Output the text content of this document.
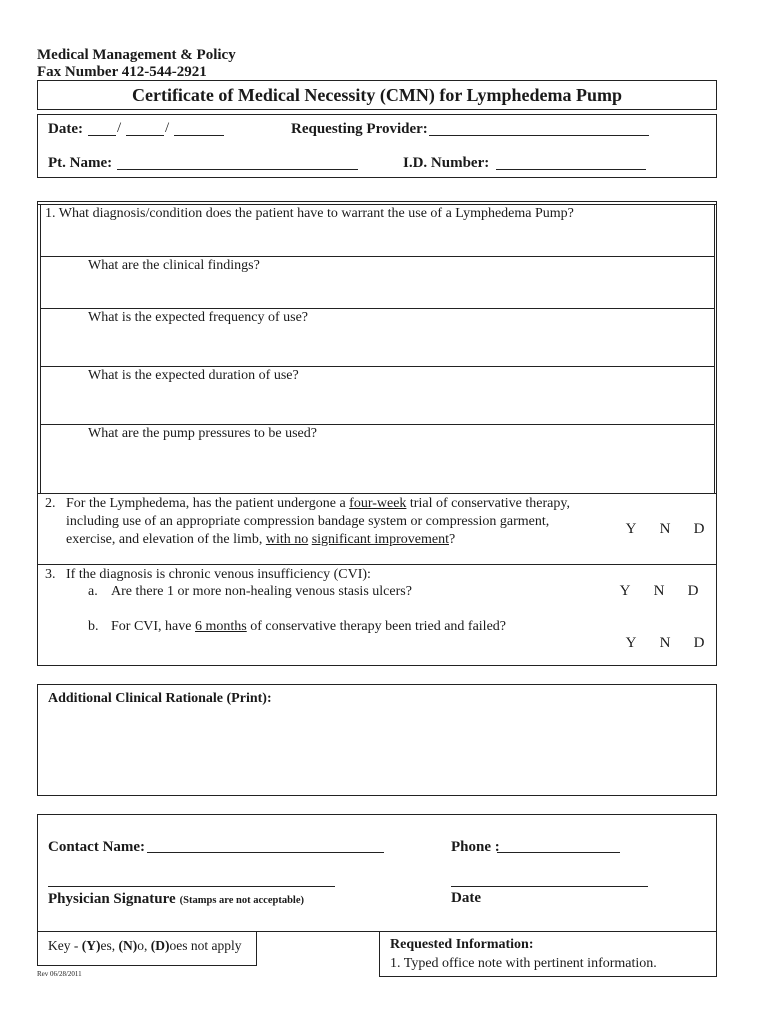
Medical Management & Policy
Fax Number 412-544-2921
Certificate of Medical Necessity (CMN) for Lymphedema Pump
Date: /	/	Requesting Provider:
Pt. Name:	I.D. Number:
1. What diagnosis/condition does the patient have to warrant the use of a Lymphedema Pump?
What are the clinical findings?
What is the expected frequency of use?
What is the expected duration of use?
What are the pump pressures to be used?
2. For the Lymphedema, has the patient undergone a four-week trial of conservative therapy,
including use of an appropriate compression bandage system or compression garment,
exercise, and elevation of the limb, with no significant improvement?
Y N D
3. If the diagnosis is chronic venous insufficiency (CVI):
a. Are there 1 or more non-healing venous stasis ulcers?	Y N D
b. For CVI, have 6 months of conservative therapy been tried and failed?
Y N D
Additional Clinical Rationale (Print):
Contact Name:	Phone :
Physician Signature (Stamps are not acceptable)	Date
Key - (Y)es, (N)o, (D)oes not apply	Requested Information:
1. Typed office note with pertinent information.
Rev 06/28/2011
